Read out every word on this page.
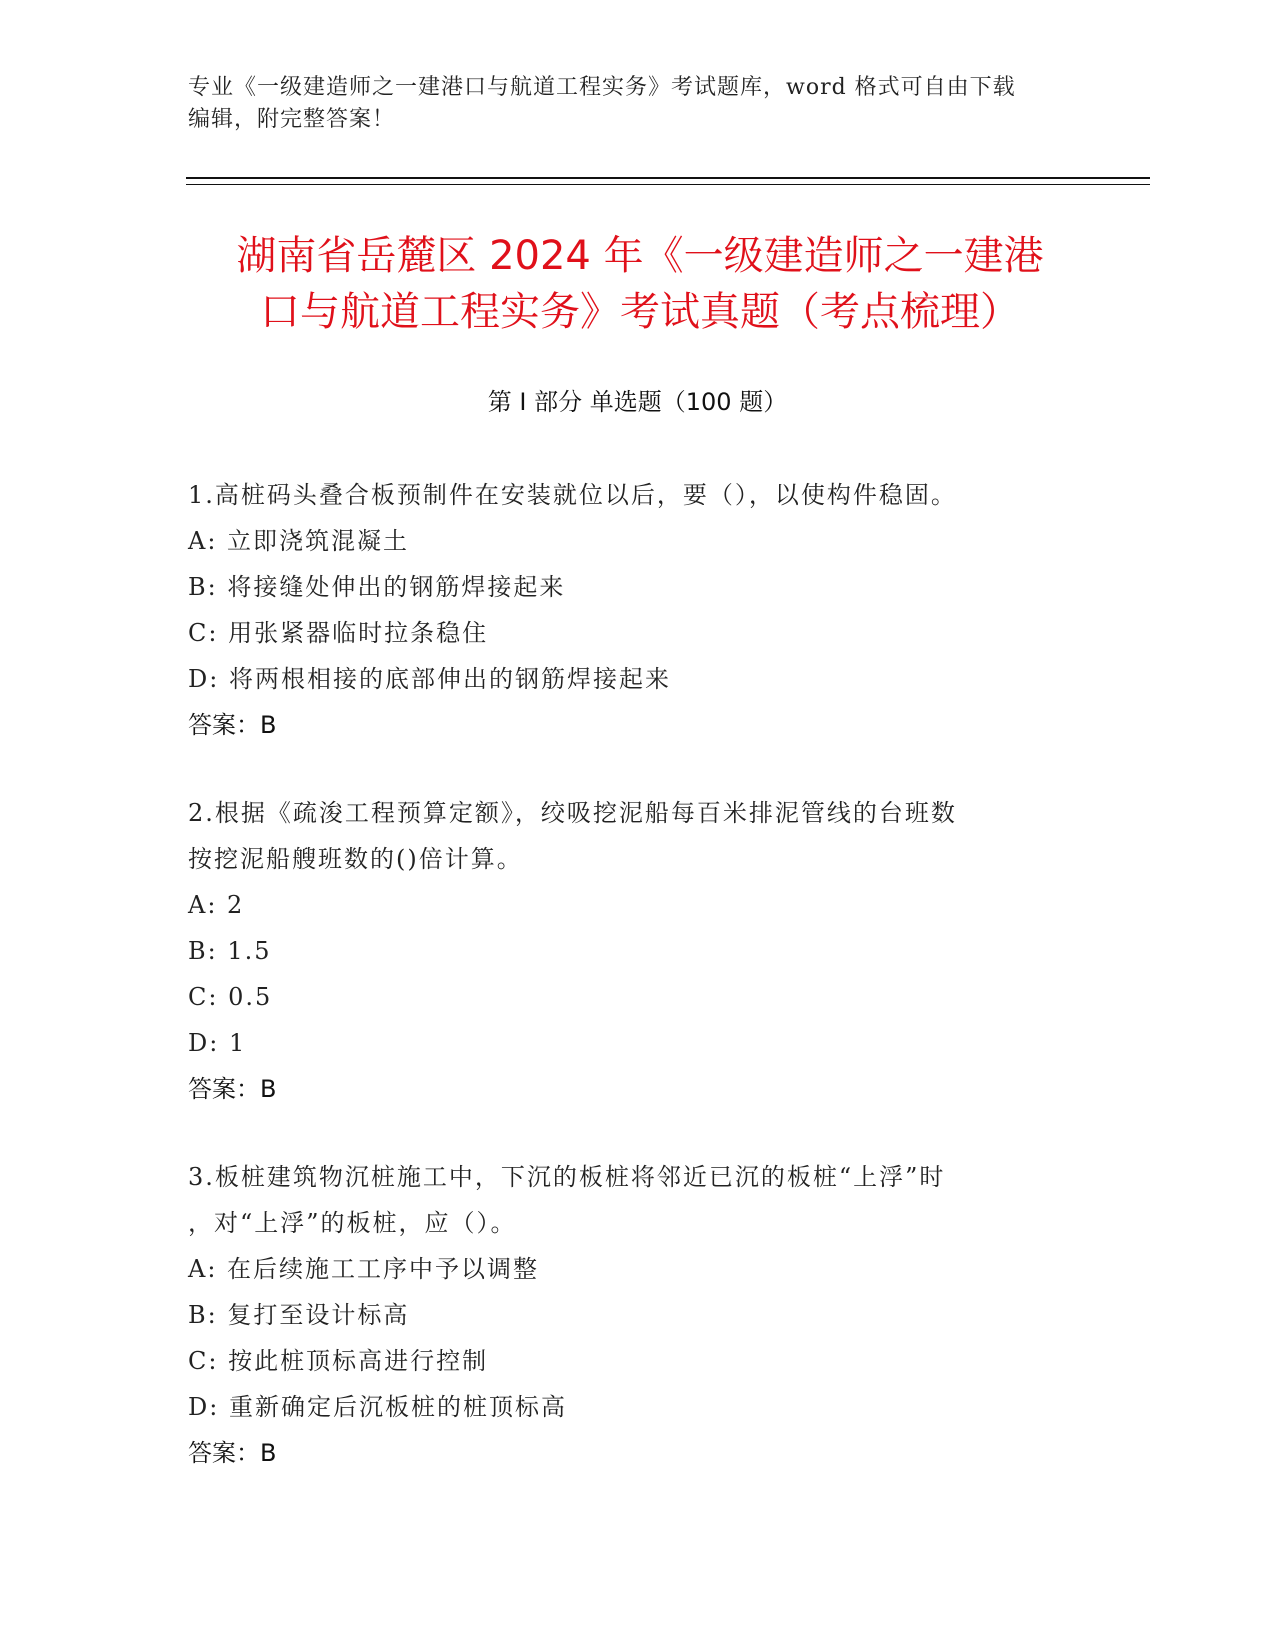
专业《一级建造师之一建港口与航道工程实务》考试题库，word 格式可自由下载
编辑，附完整答案！
湖南省岳麓区 2024 年《一级建造师之一建港
口与航道工程实务》考试真题（考点梳理）
第 I 部分 单选题（100 题）

1.高桩码头叠合板预制件在安装就位以后，要（），以使构件稳固。

A: 立即浇筑混凝土

B: 将接缝处伸出的钢筋焊接起来

C: 用张紧器临时拉条稳住

D: 将两根相接的底部伸出的钢筋焊接起来

答案：B

2.根据《疏浚工程预算定额》，绞吸挖泥船每百米排泥管线的台班数
按挖泥船艘班数的()倍计算。

A: 2

B: 1.5

C: 0.5

D: 1

答案：B

3.板桩建筑物沉桩施工中，下沉的板桩将邻近已沉的板桩“上浮”时
，对“上浮”的板桩，应（）。

A: 在后续施工工序中予以调整

B: 复打至设计标高

C: 按此桩顶标高进行控制

D: 重新确定后沉板桩的桩顶标高

答案：B
